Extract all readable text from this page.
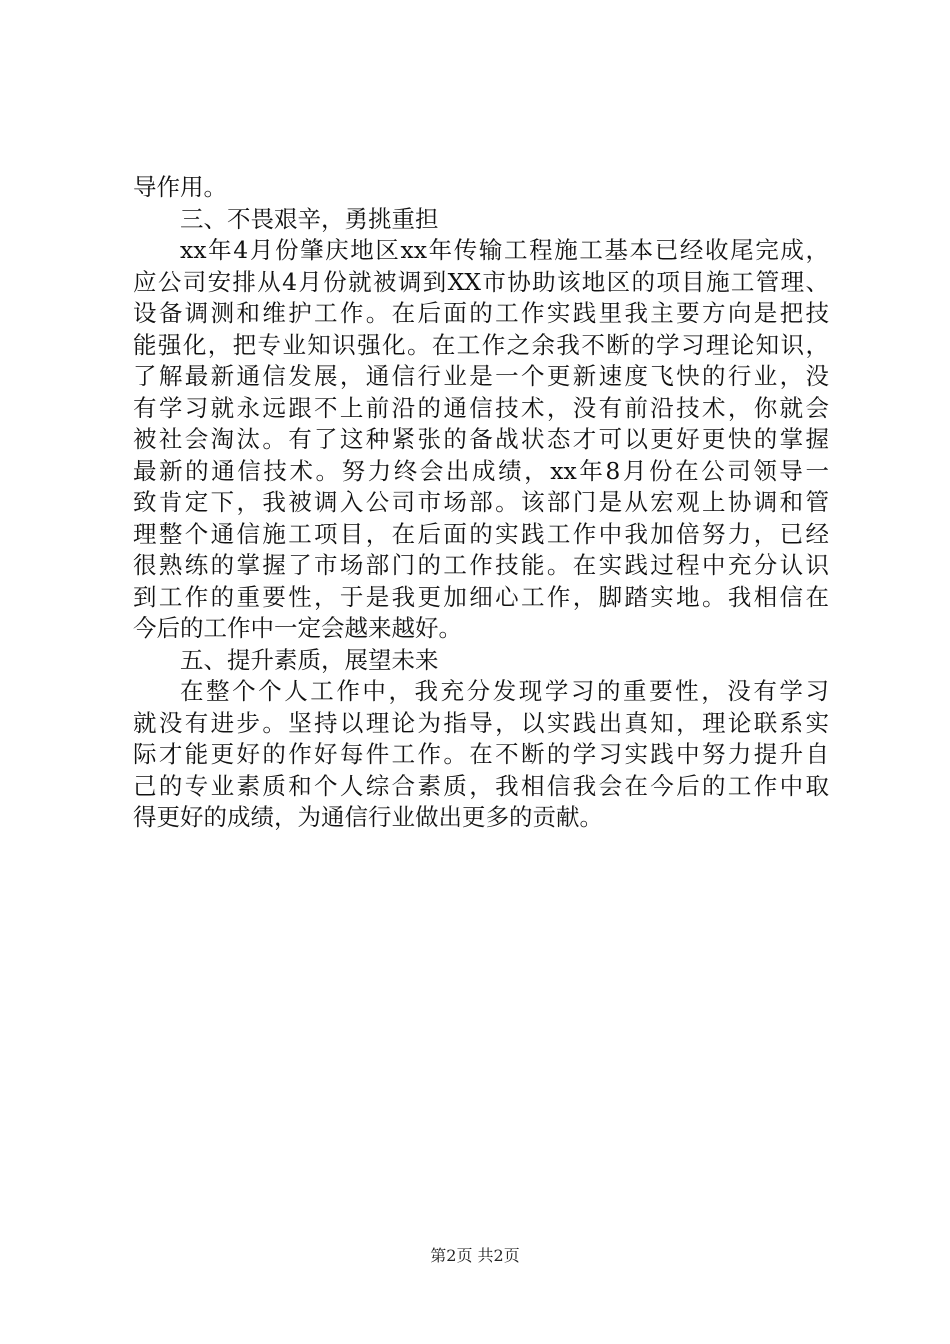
导作用。
三、不畏艰辛，勇挑重担
xx年4月份肇庆地区xx年传输工程施工基本已经收尾完成，
应公司安排从4月份就被调到XX市协助该地区的项目施工管理、
设备调测和维护工作。在后面的工作实践里我主要方向是把技
能强化，把专业知识强化。在工作之余我不断的学习理论知识，
了解最新通信发展，通信行业是一个更新速度飞快的行业，没
有学习就永远跟不上前沿的通信技术，没有前沿技术，你就会
被社会淘汰。有了这种紧张的备战状态才可以更好更快的掌握
最新的通信技术。努力终会出成绩，xx年8月份在公司领导一
致肯定下，我被调入公司市场部。该部门是从宏观上协调和管
理整个通信施工项目，在后面的实践工作中我加倍努力，已经
很熟练的掌握了市场部门的工作技能。在实践过程中充分认识
到工作的重要性，于是我更加细心工作，脚踏实地。我相信在
今后的工作中一定会越来越好。
五、提升素质，展望未来
在整个个人工作中，我充分发现学习的重要性，没有学习
就没有进步。坚持以理论为指导，以实践出真知，理论联系实
际才能更好的作好每件工作。在不断的学习实践中努力提升自
己的专业素质和个人综合素质，我相信我会在今后的工作中取
得更好的成绩，为通信行业做出更多的贡献。
第2页 共2页
